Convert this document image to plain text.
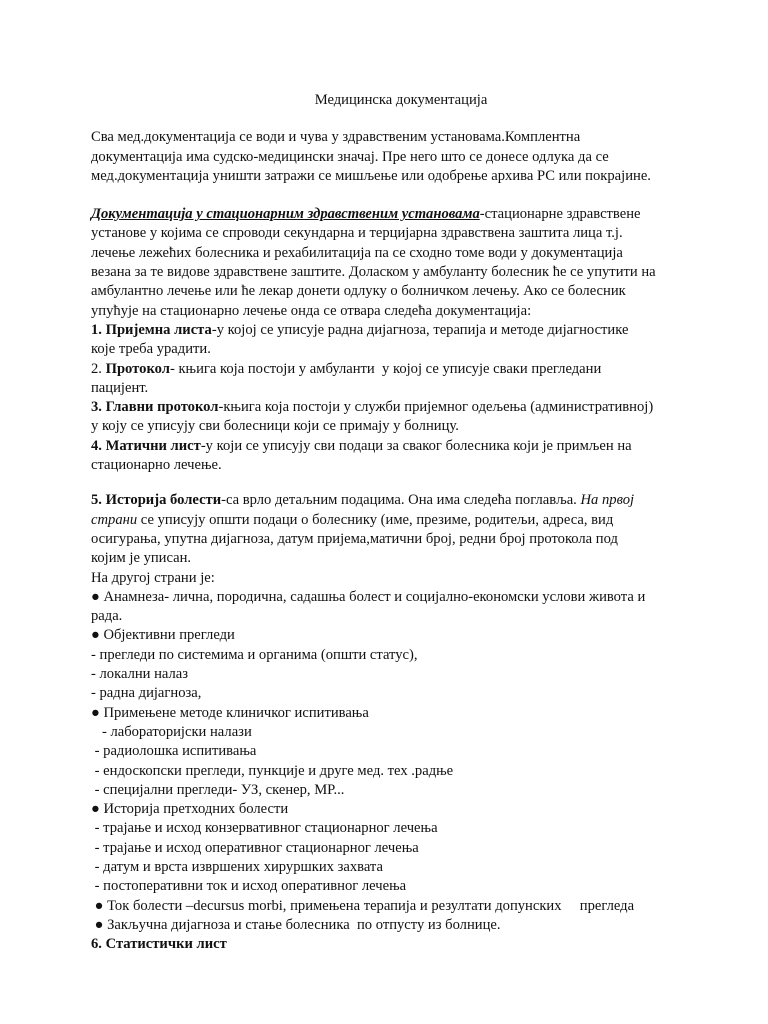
Медицинска документација
Сва мед.документација се води и чува у здравственим установама.Комплентна
документација има судско-медицински значај. Пре него што се донесе одлука да се
мед.документација уништи затражи се мишљење или одобрење архива РС или покрајине.
Документација у стационарним здравственим установама-стационарне здравствене
установе у којима се спроводи секундарна и терцијарна здравствена заштита лица т.ј.
лечење лежећих болесника и рехабилитација па се сходно томе води у документација
везана за те видове здравствене заштите. Доласком у амбуланту болесник ће се упутити на
амбулантно лечење или ће лекар донети одлуку о болничком лечењу. Ако се болесник
упућује на стационарно лечење онда се отвара следећа документација:
1. Пријемна листа-у којој се уписује радна дијагноза, терапија и методе дијагностике
које треба урадити.
2. Протокол- књига која постоји у амбуланти  у којој се уписује сваки прегледани
пацијент.
3. Главни протокол-књига која постоји у служби пријемног одељења (административној)
у коју се уписују сви болесници који се примају у болницу.
4. Матични лист-у који се уписују сви подаци за сваког болесника који је примљен на
стационарно лечење.
5. Историја болести-са врло детаљним подацима. Она има следећа поглавља. На првој
страни се уписују општи подаци о болеснику (име, презиме, родитељи, адреса, вид
осигурања, упутна дијагноза, датум пријема,матични број, редни број протокола под
којим је уписан.
На другој страни је:
● Анамнеза- лична, породична, садашња болест и социјално-економски услови живота и
рада.
● Објективни прегледи
- прегледи по системима и органима (општи статус),
- локални налаз
- радна дијагноза,
● Примењене методе клиничког испитивања
- лабораторијски налази
- радиолошка испитивања
- ендоскопски прегледи, пункције и друге мед. тех .радње
- специјални прегледи- УЗ, скенер, МР...
● Историја претходних болести
- трајање и исход конзервативног стационарног лечења
- трајање и исход оперативног стационарног лечења
- датум и врста извршених хируршких захвата
- постоперативни ток и исход оперативног лечења
● Ток болести –decursus morbi, примењена терапија и резултати допунских     прегледа
● Закључна дијагноза и стање болесника  по отпусту из болнице.
6. Статистички лист
